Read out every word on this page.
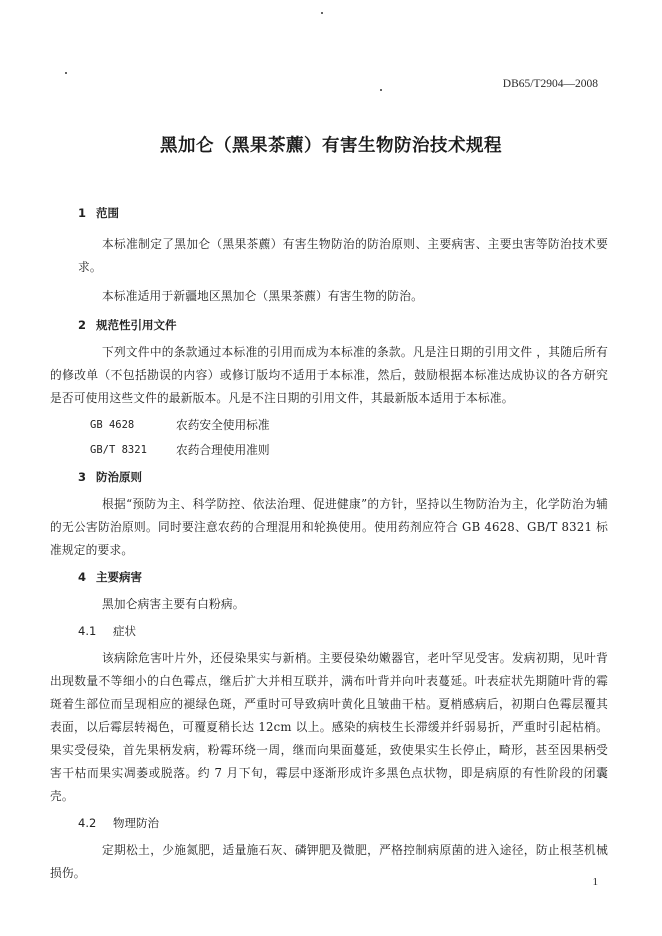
DB65/T2904—2008
黑加仑（黑果茶藨）有害生物防治技术规程
1 范围
本标准制定了黑加仑（黑果茶藨）有害生物防治的防治原则、主要病害、主要虫害等防治技术要求。
本标准适用于新疆地区黑加仑（黑果茶藨）有害生物的防治。
2 规范性引用文件
下列文件中的条款通过本标准的引用而成为本标准的条款。凡是注日期的引用文件 ，其随后所有的修改单（不包括勘误的内容）或修订版均不适用于本标准，然后，鼓励根据本标准达成协议的各方研究是否可使用这些文件的最新版本。凡是不注日期的引用文件，其最新版本适用于本标准。
GB 4628	农药安全使用标准
GB/T 8321	农药合理使用准则
3 防治原则
根据“预防为主、科学防控、依法治理、促进健康”的方针，坚持以生物防治为主，化学防治为辅的无公害防治原则。同时要注意农药的合理混用和轮换使用。使用药剂应符合 GB 4628、GB/T 8321 标准规定的要求。
4 主要病害
黑加仑病害主要有白粉病。
4.1	症状
该病除危害叶片外，还侵染果实与新梢。主要侵染幼嫩器官，老叶罕见受害。发病初期，见叶背出现数量不等细小的白色霉点，继后扩大并相互联并，满布叶背并向叶表蔓延。叶表症状先期随叶背的霉斑着生部位而呈现相应的褪绿色斑，严重时可导致病叶黄化且皱曲干枯。夏梢感病后，初期白色霉层覆其表面，以后霉层转褐色，可覆夏稍长达 12cm 以上。感染的病枝生长滞缓并纤弱易折，严重时引起枯梢。果实受侵染，首先果柄发病，粉霉环绕一周，继而向果面蔓延，致使果实生长停止，畸形，甚至因果柄受害干枯而果实凋萎或脱落。约 7 月下旬，霉层中逐渐形成许多黑色点状物，即是病原的有性阶段的闭囊壳。
4.2	物理防治
定期松土，少施氮肥，适量施石灰、磷钾肥及微肥，严格控制病原菌的进入途径，防止根茎机械损伤。
1
